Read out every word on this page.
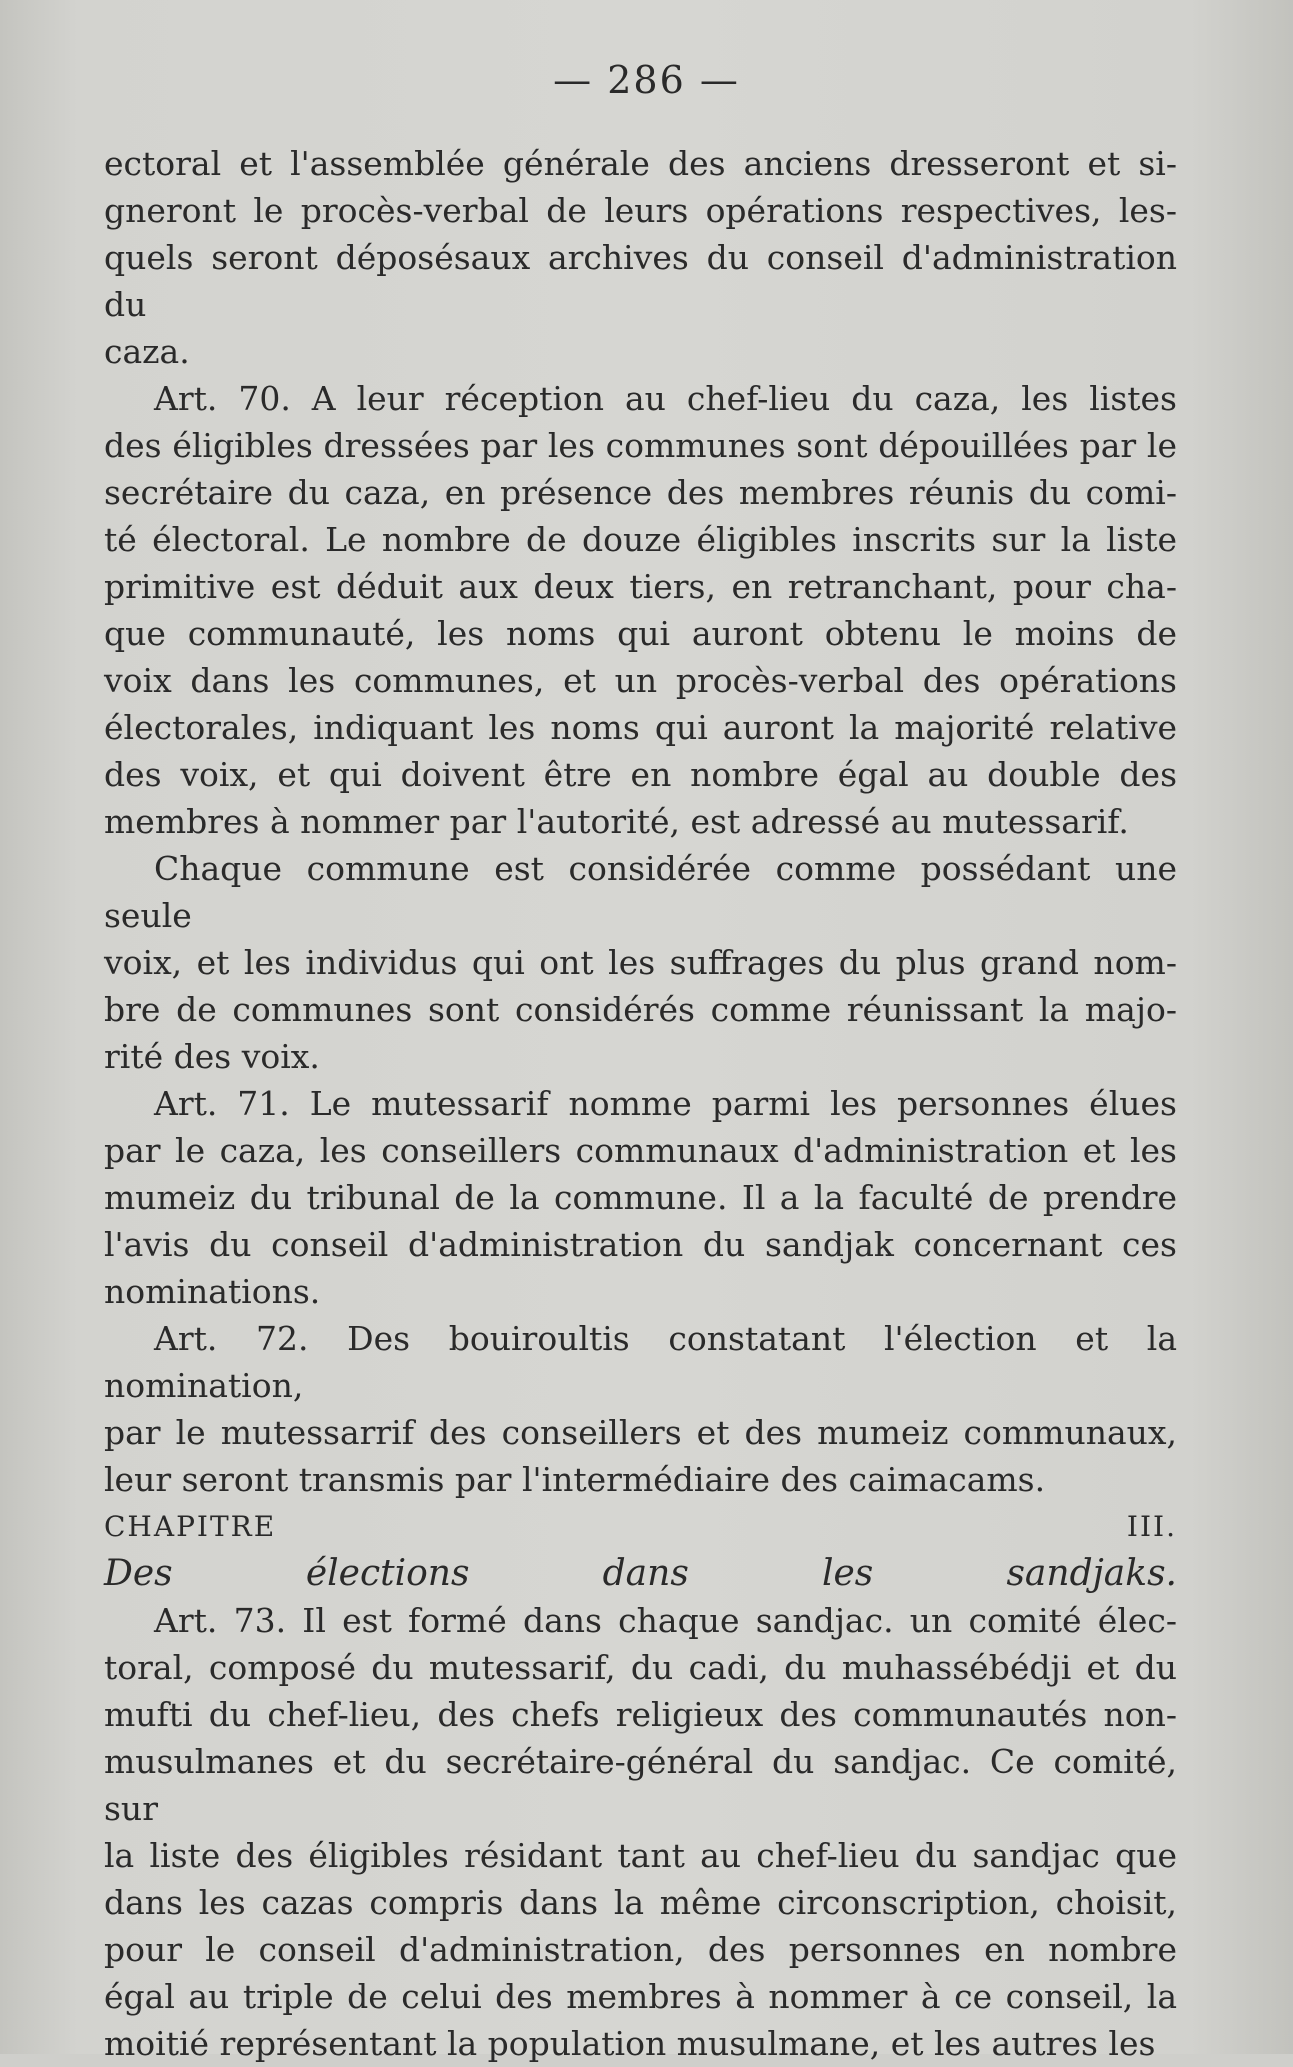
— 286 —

ectoral et l'assemblée générale des anciens dresseront et si-

gneront le procès-verbal de leurs opérations respectives, les-

quels seront déposésaux archives du conseil d'administration du

caza.

Art. 70. A leur réception au chef-lieu du caza, les listes

des éligibles dressées par les communes sont dépouillées par le

secrétaire du caza, en présence des membres réunis du comi-

té électoral. Le nombre de douze éligibles inscrits sur la liste

primitive est déduit aux deux tiers, en retranchant, pour cha-

que communauté, les noms qui auront obtenu le moins de

voix dans les communes, et un procès-verbal des opérations

électorales, indiquant les noms qui auront la majorité relative

des voix, et qui doivent être en nombre égal au double des

membres à nommer par l'autorité, est adressé au mutessarif.

Chaque commune est considérée comme possédant une seule

voix, et les individus qui ont les suffrages du plus grand nom-

bre de communes sont considérés comme réunissant la majo-

rité des voix.

Art. 71. Le mutessarif nomme parmi les personnes élues

par le caza, les conseillers communaux d'administration et les

mumeiz du tribunal de la commune. Il a la faculté de prendre

l'avis du conseil d'administration du sandjak concernant ces

nominations.

Art. 72. Des bouiroultis constatant l'élection et la nomination,

par le mutessarrif des conseillers et des mumeiz communaux,

leur seront transmis par l'intermédiaire des caimacams.

CHAPITRE III.

Des élections dans les sandjaks.

Art. 73. Il est formé dans chaque sandjac. un comité élec-

toral, composé du mutessarif, du cadi, du muhassébédji et du

mufti du chef-lieu, des chefs religieux des communautés non-

musulmanes et du secrétaire-général du sandjac. Ce comité, sur

la liste des éligibles résidant tant au chef-lieu du sandjac que

dans les cazas compris dans la même circonscription, choisit,

pour le conseil d'administration, des personnes en nombre

égal au triple de celui des membres à nommer à ce conseil, la

moitié représentant la population musulmane, et les autres les
